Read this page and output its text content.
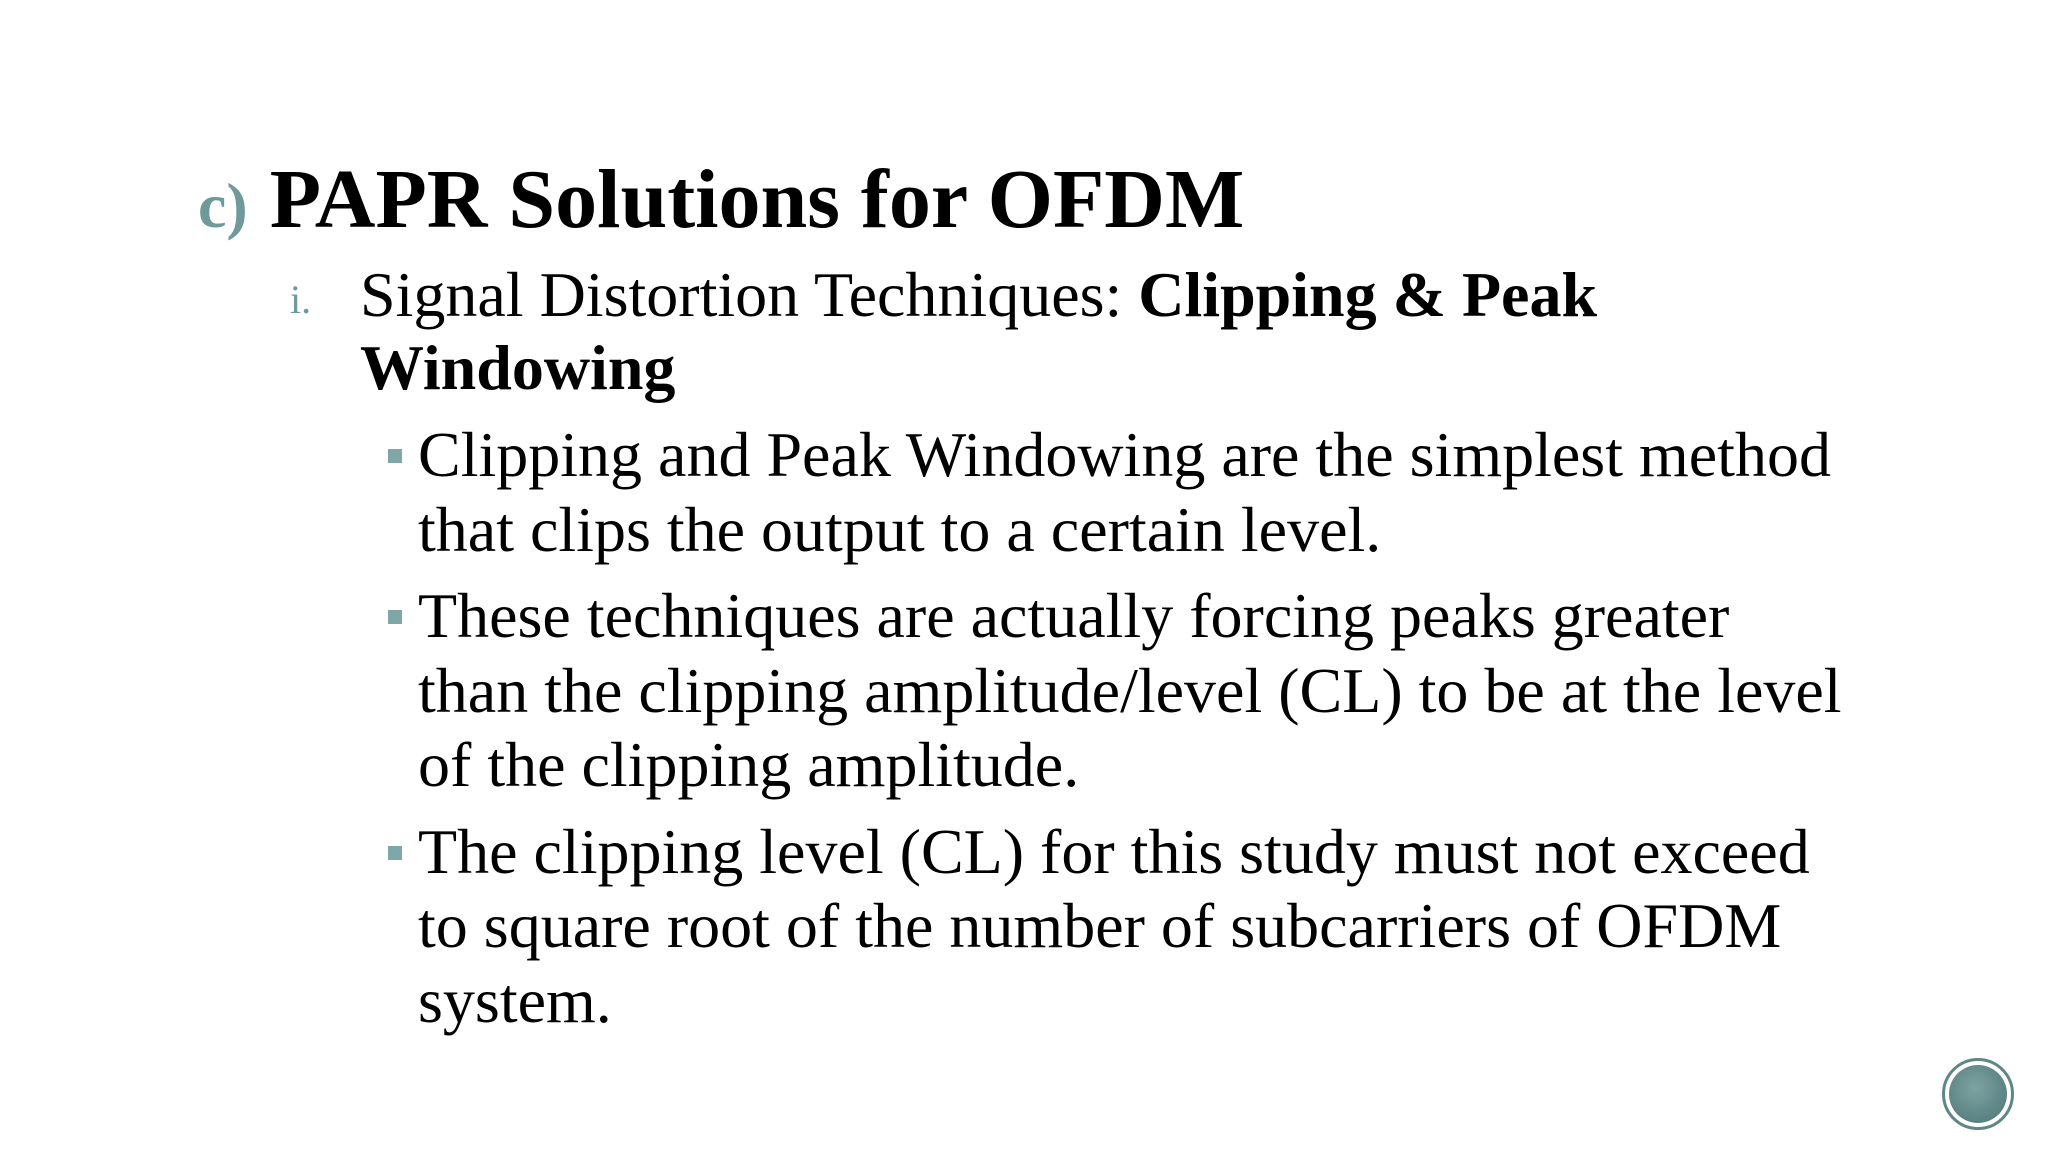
c) PAPR Solutions for OFDM
i. Signal Distortion Techniques: Clipping & Peak Windowing
Clipping and Peak Windowing are the simplest method that clips the output to a certain level.
These techniques are actually forcing peaks greater than the clipping amplitude/level (CL) to be at the level of the clipping amplitude.
The clipping level (CL) for this study must not exceed to square root of the number of subcarriers of OFDM system.
